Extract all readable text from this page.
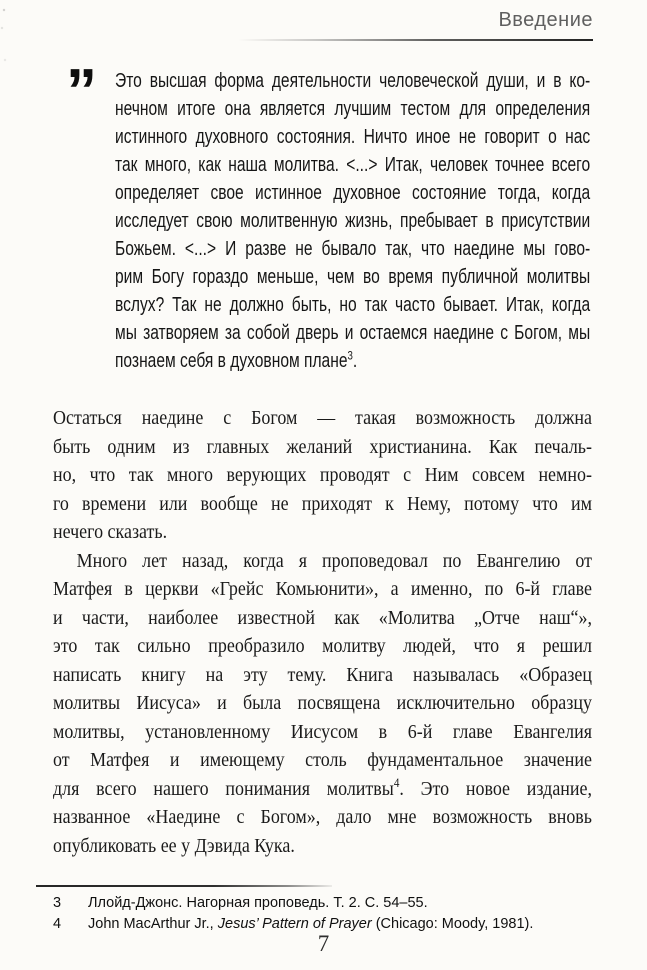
Введение
” Это высшая форма деятельности человеческой души, и в ко-
нечном итоге она является лучшим тестом для определения
истинного духовного состояния. Ничто иное не говорит о нас
так много, как наша молитва. <...> Итак, человек точнее всего
определяет свое истинное духовное состояние тогда, когда
исследует свою молитвенную жизнь, пребывает в присутствии
Божьем. <...> И разве не бывало так, что наедине мы гово-
рим Богу гораздо меньше, чем во время публичной молитвы
вслух? Так не должно быть, но так часто бывает. Итак, когда
мы затворяем за собой дверь и остаемся наедине с Богом, мы
познаем себя в духовном плане$^3$.
Остаться наедине с Богом — такая возможность должна
быть одним из главных желаний христианина. Как печаль-
но, что так много верующих проводят с Ним совсем немно-
го времени или вообще не приходят к Нему, потому что им
нечего сказать.
Много лет назад, когда я проповедовал по Евангелию от
Матфея в церкви «Грейс Комьюнити», а именно, по 6-й главе
и части, наиболее известной как «Молитва „Отче наш“»,
это так сильно преобразило молитву людей, что я решил
написать книгу на эту тему. Книга называлась «Образец
молитвы Иисуса» и была посвящена исключительно образцу
молитвы, установленному Иисусом в 6-й главе Евангелия
от Матфея и имеющему столь фундаментальное значение
для всего нашего понимания молитвы$^4$. Это новое издание,
названное «Наедине с Богом», дало мне возможность вновь
опубликовать ее у Дэвида Кука.
3	Ллойд-Джонс. Нагорная проповедь. Т. 2. С. 54–55.
4	John MacArthur Jr., Jesus’ Pattern of Prayer (Chicago: Moody, 1981).
7
